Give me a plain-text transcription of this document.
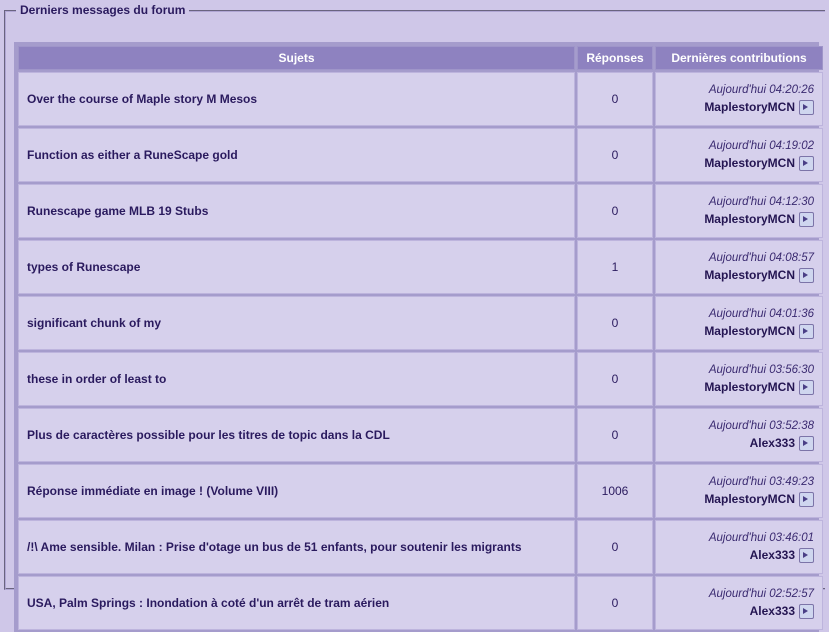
Derniers messages du forum
Sujets	Réponses	Dernières contributions
Over the course of Maple story M Mesos	0	Aujourd'hui 04:20:26
MaplestoryMCN
Function as either a RuneScape gold	0	Aujourd'hui 04:19:02
MaplestoryMCN
Runescape game MLB 19 Stubs	0	Aujourd'hui 04:12:30
MaplestoryMCN
types of Runescape	1	Aujourd'hui 04:08:57
MaplestoryMCN
significant chunk of my	0	Aujourd'hui 04:01:36
MaplestoryMCN
these in order of least to	0	Aujourd'hui 03:56:30
MaplestoryMCN
Plus de caractères possible pour les titres de topic dans la CDL	0	Aujourd'hui 03:52:38
Alex333
Réponse immédiate en image ! (Volume VIII)	1006	Aujourd'hui 03:49:23
MaplestoryMCN
/!\ Ame sensible. Milan : Prise d'otage un bus de 51 enfants, pour soutenir les migrants	0	Aujourd'hui 03:46:01
Alex333
USA, Palm Springs : Inondation à coté d'un arrêt de tram aérien	0	Aujourd'hui 02:52:57
Alex333
